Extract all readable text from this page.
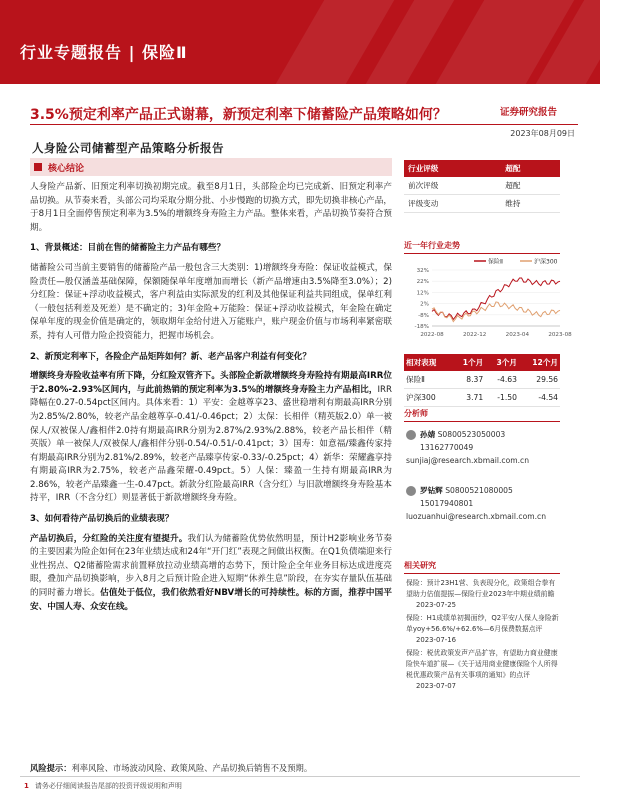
行业专题报告 | 保险Ⅱ
3.5%预定利率产品正式谢幕，新预定利率下储蓄险产品策略如何？	证券研究报告
2023年08月09日
人身险公司储蓄型产品策略分析报告
核心结论

人身险产品新、旧预定利率切换初期完成。截至8月1日，头部险企均已完成新、旧预定利率产品切换。从节奏来看，头部公司均采取分期分批、小步慢跑的切换方式，即先切换非核心产品，于8月1日全面停售预定利率为3.5%的增额终身寿险主力产品。整体来看，产品切换节奏符合预期。

1、背景概述：目前在售的储蓄险主力产品有哪些？

储蓄险公司当前主要销售的储蓄险产品一般包含三大类别：1)增额终身寿险：保证收益模式，保险责任—般仅涵盖基础保障，保额随保单年度增加而增长（新产品增速由3.5%降至3.0%）；2)分红险：保证+浮动收益模式，客户利益由实际派发的红利及其他保证利益共同组成，保单红利（一般包括利差及死差）是不确定的；3)年金险+万能险：保证+浮动收益模式，年金险在确定保单年度的现金价值是确定的，领取期年金给付进入万能账户，账户现金价值与市场利率紧密联系，持有人可借力险企投资能力，把握市场机会。

2、新预定利率下，各险企产品矩阵如何？新、老产品客户利益有何变化？

增额终身寿险收益率有所下降，分红险双管齐下。头部险企新款增额终身寿险持有期最高IRR位于2.80%-2.93%区间内，与此前热销的预定利率为3.5%的增额终身寿险主力产品相比，IRR降幅在0.27-0.54pct区间内。具体来看：1）平安：金越尊享23、盛世稳增利有期最高IRR分别为2.85%/2.80%，较老产品金越尊享-0.41/-0.46pct；2）太保：长相伴（精英版2.0）单一被保人/双被保人/鑫相伴2.0持有期最高IRR分别为2.87%/2.93%/2.88%，较老产品长相伴（精英版）单一被保人/双被保人/鑫相伴分别-0.54/-0.51/-0.41pct；3）国寿：如意福/臻鑫传家持有期最高IRR分别为2.81%/2.89%，较老产品臻享传家-0.33/-0.25pct；4）新华：荣耀鑫享持有期最高IRR为2.75%，较老产品鑫荣耀-0.49pct。5）人保：臻盈一生持有期最高IRR为2.86%，较老产品臻鑫一生-0.47pct。新款分红险最高IRR（含分红）与旧款增额终身寿险基本持平，IRR（不含分红）则显著低于新款增额终身寿险。

3、如何看待产品切换后的业绩表现？

产品切换后，分红险的关注度有望提升。我们认为储蓄险优势依然明显，预计H2影响业务节奏的主要因素为险企如何在23年业绩达成和24年“开门红”表现之间做出权衡。在Q1负债端迎来行业性拐点、Q2储蓄险需求前置释放拉动业绩高增的态势下，预计险企全年业务目标达成进度亮眼，叠加产品切换影响，步入8月之后预计险企进入短期“休养生息”阶段，在夯实存量队伍基础的同时蓄力增长。估值处于低位，我们依然看好NBV增长的可持续性。标的方面，推荐中国平安、中国人寿、众安在线。

风险提示：利率风险、市场波动风险、政策风险、产品切换后销售不及预期。
1 请务必仔细阅读报告尾部的投资评级说明和声明
行业评级	超配
前次评级	超配
评级变动	维持
近一年行业走势
保险Ⅱ	沪深300
32%
22%
12%
2%
-8%
-18%
2022-08	2022-12	2023-04	2023-08
相对表现	1个月	3个月	12个月
保险Ⅱ	8.37	-4.63	29.56
沪深300	3.71	-1.50	-4.54
分析师
孙婧 S0800523050003
13162770049
sunjiaj@research.xbmail.com.cn
罗钻辉 S0800521080005
15017940801
luozuanhui@research.xbmail.com.cn
相关研究
保险：预计23H1营、负表现分化，政策组合拳有望助力估值提振—保险行业2023年中期业绩前瞻
2023-07-25
保险：H1成绩单初揭面纱，Q2平安/人保人身险新单yoy+56.6%/+62.6%—6月保费数据点评
2023-07-16
保险：税优政策发声产品扩容，有望助力商业健康险快车道扩展—《关于适用商业健康保险个人所得税优惠政策产品有关事项的通知》的点评
2023-07-07
